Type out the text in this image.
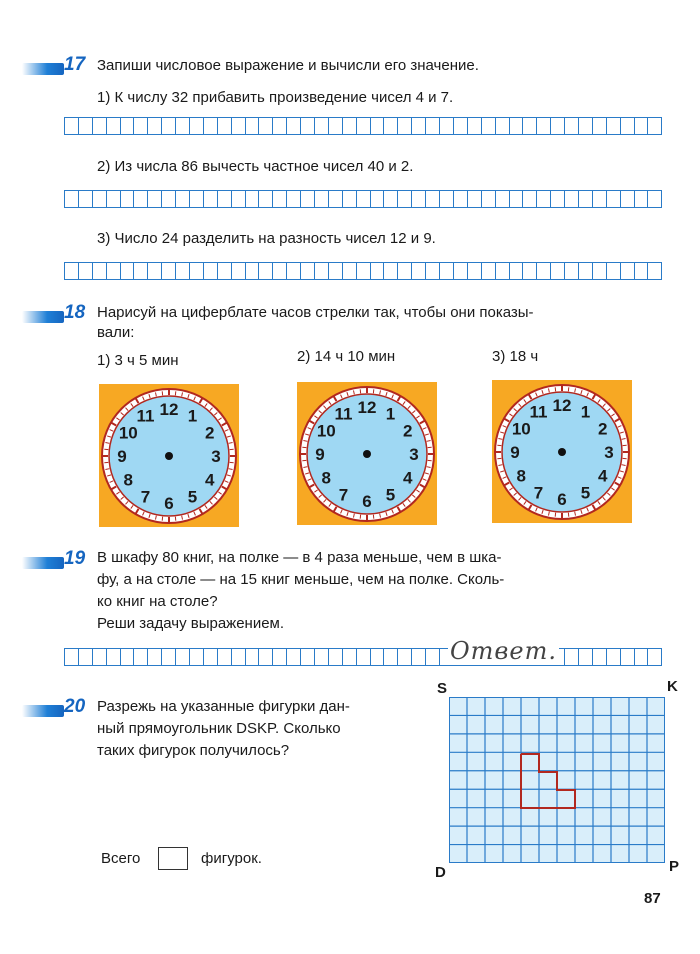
17 Запиши числовое выражение и вычисли его значение.
1) К числу 32 прибавить произведение чисел 4 и 7.
2) Из числа 86 вычесть частное чисел 40 и 2.
3) Число 24 разделить на разность чисел 12 и 9.
18 Нарисуй на циферблате часов стрелки так, чтобы они показы-
вали:
1) 3 ч 5 мин	2) 14 ч 10 мин	3) 18 ч
12 1
2
3
4
5
6
7
8
9
10
11	12 1
2
3
4
5
6
7
8
9
10
11	12 1
2
3
4
5
6
7
8
9
10
11
19 В шкафу 80 книг, на полке — в 4 раза меньше, чем в шка-
фу, а на столе — на 15 книг меньше, чем на полке. Сколь-
ко книг на столе?
Реши задачу выражением.
Ответ.
20 Разрежь на указанные фигурки дан-
ный прямоугольник DSKP. Сколько
таких фигурок получилось?
Всего	фигурок.
S	K
D	P
87
